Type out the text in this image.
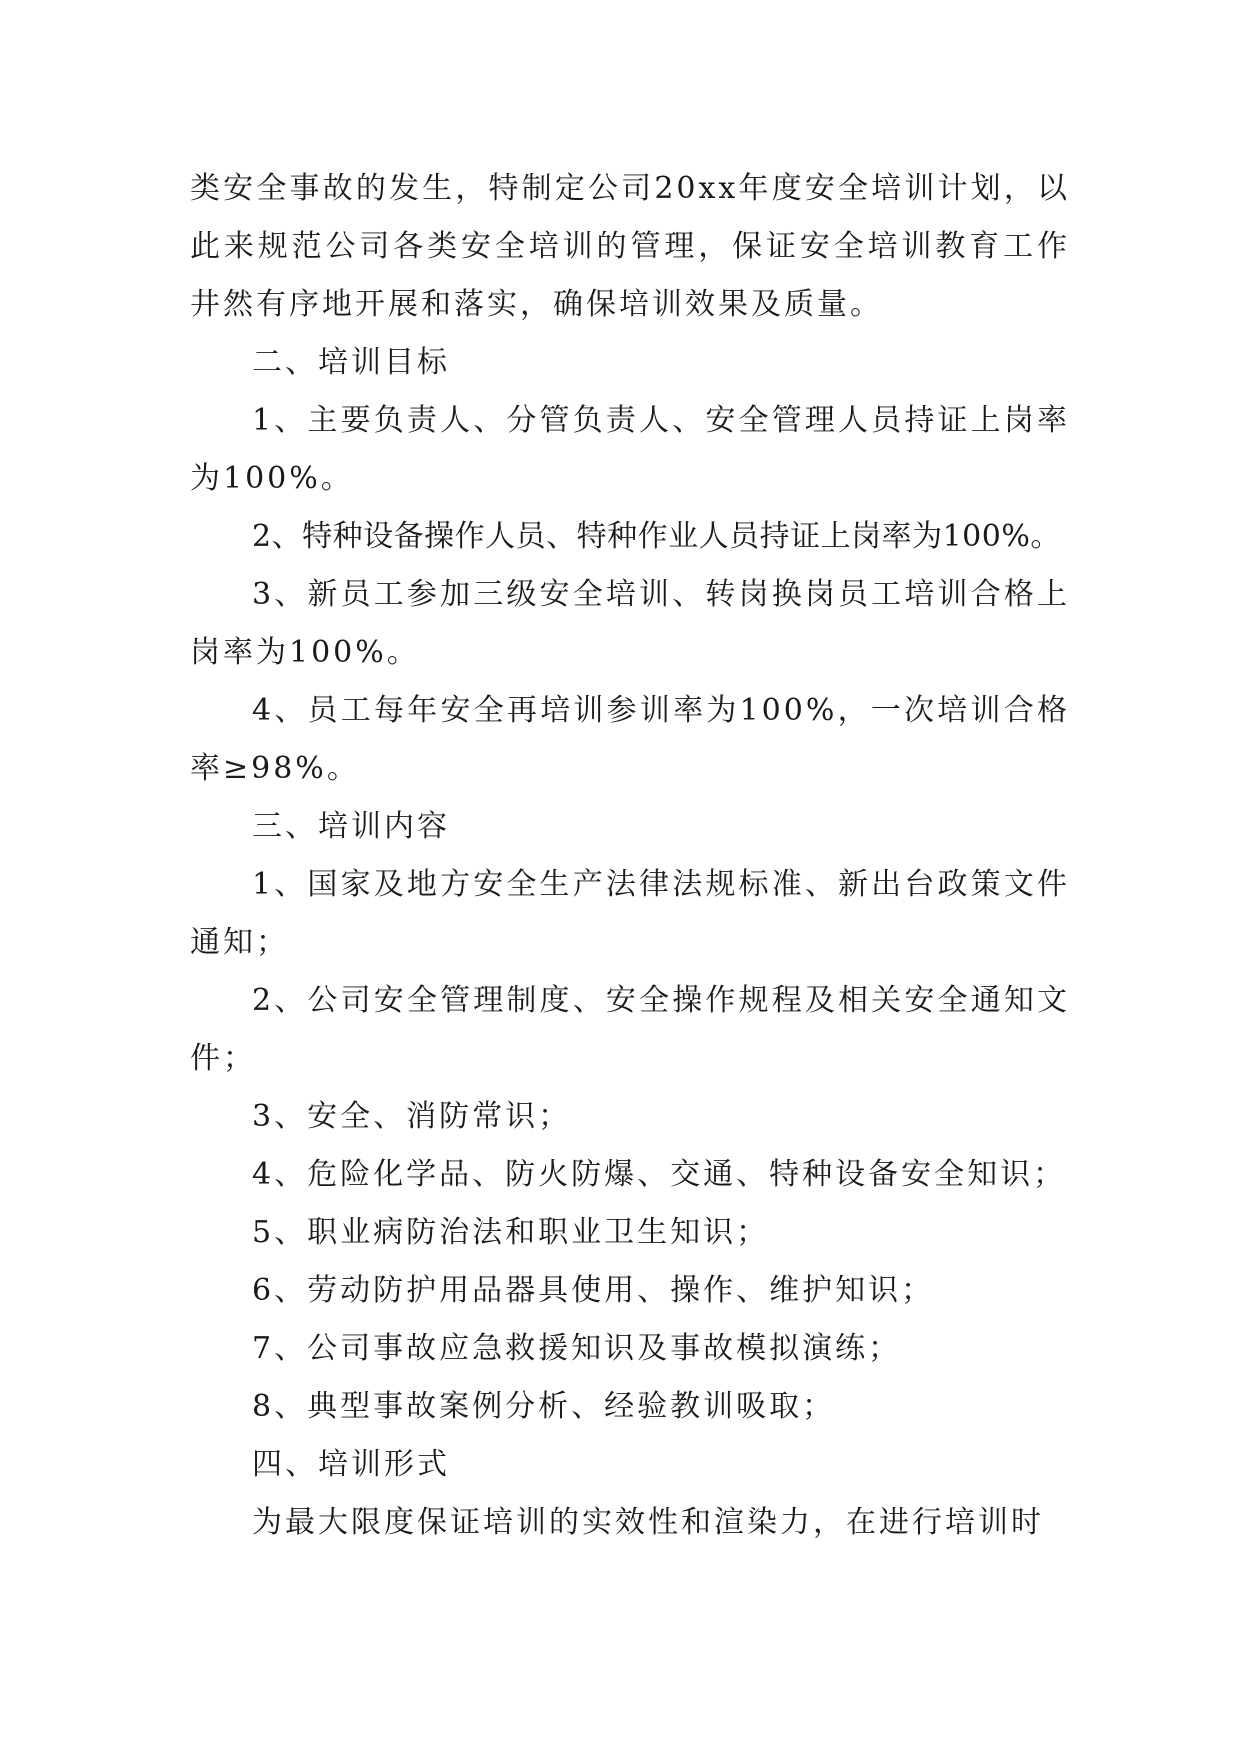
类安全事故的发生，特制定公司20xx年度安全培训计划，以此来规范公司各类安全培训的管理，保证安全培训教育工作井然有序地开展和落实，确保培训效果及质量。

二、培训目标

1、主要负责人、分管负责人、安全管理人员持证上岗率为100%。

2、特种设备操作人员、特种作业人员持证上岗率为100%。

3、新员工参加三级安全培训、转岗换岗员工培训合格上岗率为100%。

4、员工每年安全再培训参训率为100%，一次培训合格率≥98%。

三、培训内容

1、国家及地方安全生产法律法规标准、新出台政策文件通知；

2、公司安全管理制度、安全操作规程及相关安全通知文件；

3、安全、消防常识；

4、危险化学品、防火防爆、交通、特种设备安全知识；

5、职业病防治法和职业卫生知识；

6、劳动防护用品器具使用、操作、维护知识；

7、公司事故应急救援知识及事故模拟演练；

8、典型事故案例分析、经验教训吸取；

四、培训形式

为最大限度保证培训的实效性和渲染力，在进行培训时
